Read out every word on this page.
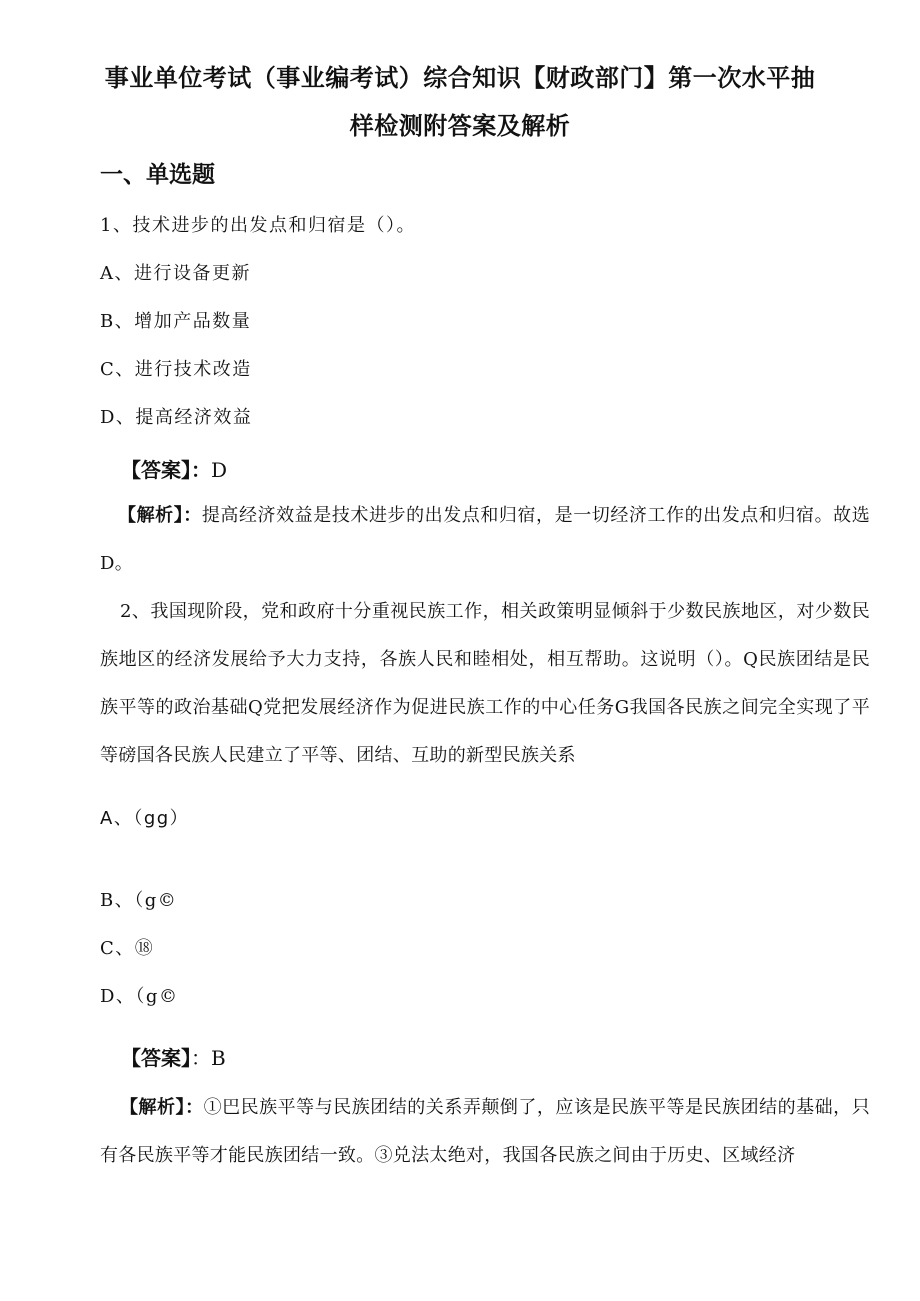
事业单位考试（事业编考试）综合知识【财政部门】第一次水平抽
样检测附答案及解析
一、单选题
1、技术进步的出发点和归宿是（）。
A、进行设备更新
B、增加产品数量
C、进行技术改造
D、提高经济效益
【答案】：D
【解析】：提高经济效益是技术进步的出发点和归宿，是一切经济工作的出发点和归宿。故选D。
2、我国现阶段，党和政府十分重视民族工作，相关政策明显倾斜于少数民族地区，对少数民族地区的经济发展给予大力支持，各族人民和睦相处，相互帮助。这说明（）。Q民族团结是民族平等的政治基础Q党把发展经济作为促进民族工作的中心任务G我国各民族之间完全实现了平等磅国各民族人民建立了平等、团结、互助的新型民族关系
A、（gg）
B、（g©
C、⑱
D、（g©
【答案】：B
【解析】：①巴民族平等与民族团结的关系弄颠倒了，应该是民族平等是民族团结的基础，只有各民族平等才能民族团结一致。③兑法太绝对，我国各民族之间由于历史、区域经济
